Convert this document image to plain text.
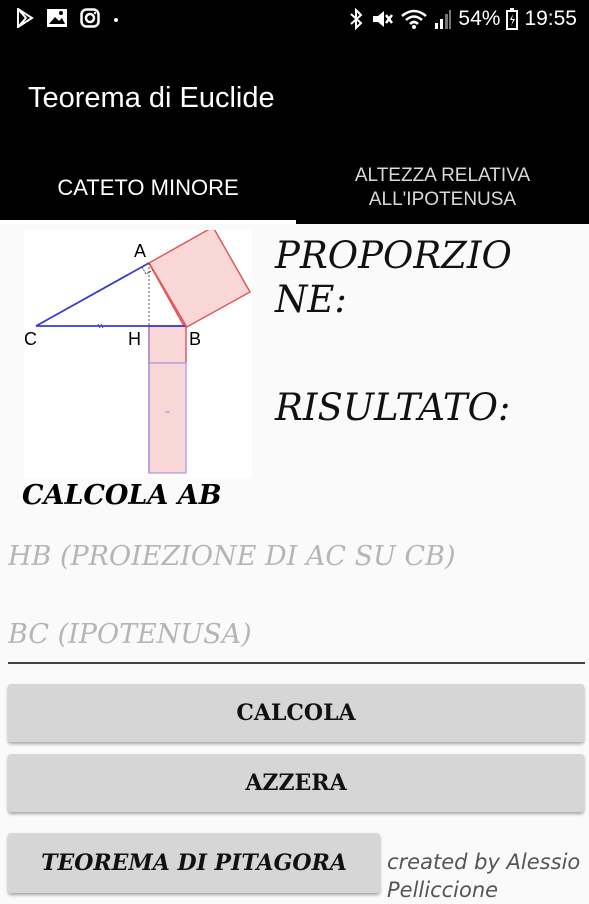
54% 19:55
Teorema di Euclide
CATETO MINORE	ALTEZZA RELATIVA
ALL'IPOTENUSA
A
C	H	B
PROPORZIO
NE:
RISULTATO:
CALCOLA AB
HB (PROIEZIONE DI AC SU CB)
BC (IPOTENUSA)
CALCOLA
AZZERA
TEOREMA DI PITAGORA	created by Alessio Pelliccione
